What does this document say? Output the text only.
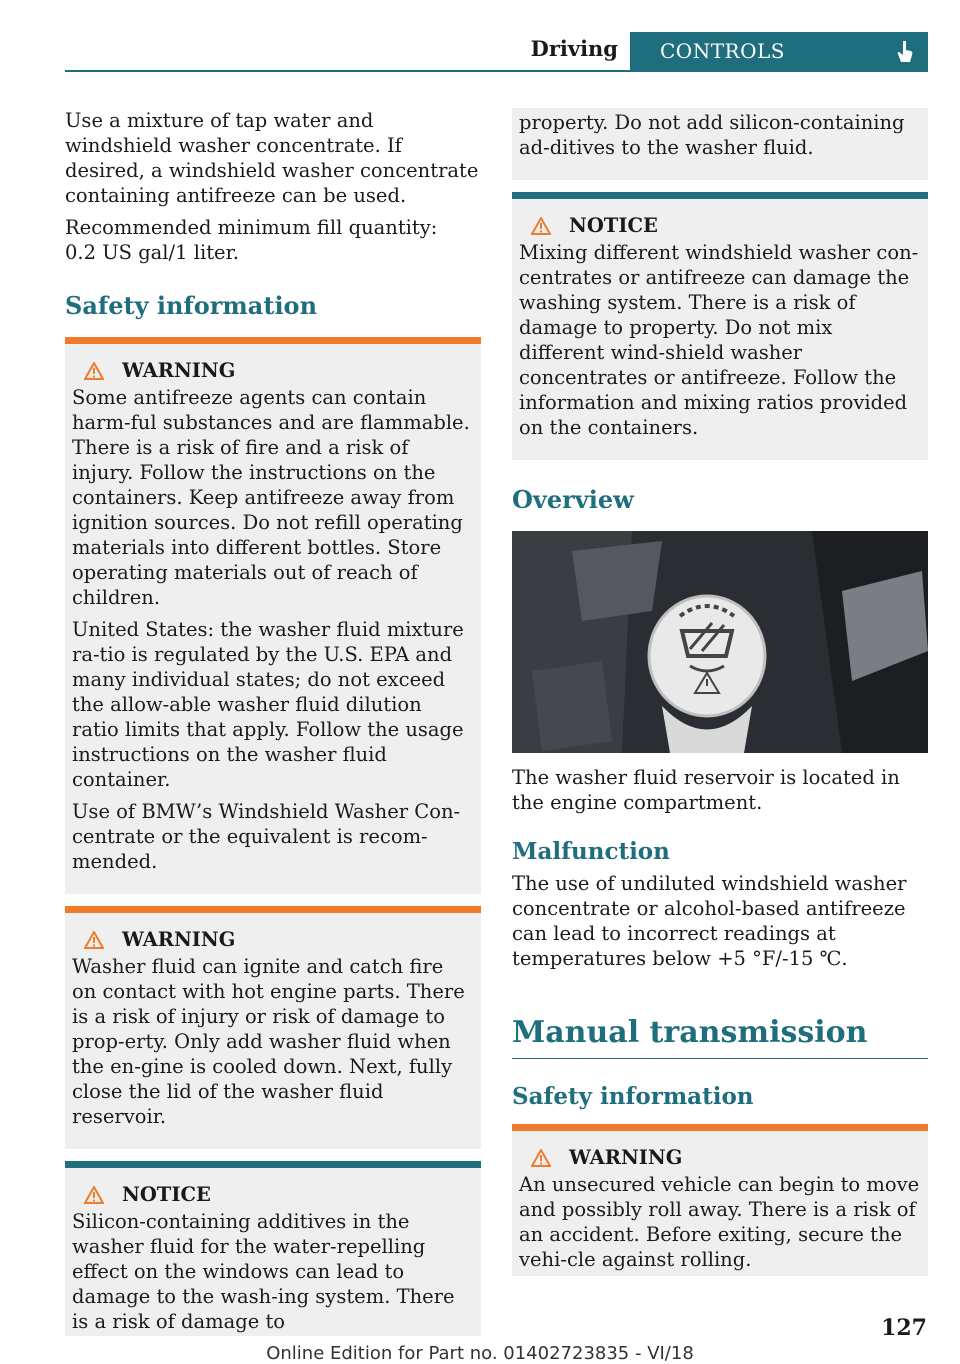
Driving CONTROLS

Use a mixture of tap water and windshield washer concentrate. If desired, a windshield washer concentrate containing antifreeze can be used.

Recommended minimum fill quantity:
0.2 US gal/1 liter.

Safety information
WARNING

Some antifreeze agents can contain harm-ful substances and are flammable. There is a risk of fire and a risk of injury. Follow the instructions on the containers. Keep antifreeze away from ignition sources. Do not refill operating materials into different bottles. Store operating materials out of reach of children.

United States: the washer fluid mixture ra-tio is regulated by the U.S. EPA and many individual states; do not exceed the allow-able washer fluid dilution ratio limits that apply. Follow the usage instructions on the washer fluid container.

Use of BMW’s Windshield Washer Con-centrate or the equivalent is recom-mended.

WARNING

Washer fluid can ignite and catch fire on contact with hot engine parts. There is a risk of injury or risk of damage to prop-erty. Only add washer fluid when the en-gine is cooled down. Next, fully close the lid of the washer fluid reservoir.

NOTICE

Silicon-containing additives in the washer fluid for the water-repelling effect on the windows can lead to damage to the wash-ing system. There is a risk of damage to

property. Do not add silicon-containing ad-ditives to the washer fluid.

NOTICE

Mixing different windshield washer con-centrates or antifreeze can damage the washing system. There is a risk of damage to property. Do not mix different wind-shield washer concentrates or antifreeze. Follow the information and mixing ratios provided on the containers.

Overview

The washer fluid reservoir is located in the engine compartment.

Malfunction

The use of undiluted windshield washer concentrate or alcohol-based antifreeze can lead to incorrect readings at temperatures below +5 °F/-15 ℃.

Manual transmission
Safety information
WARNING

An unsecured vehicle can begin to move and possibly roll away. There is a risk of an accident. Before exiting, secure the vehi-cle against rolling.

127
Online Edition for Part no. 01402723835 - VI/18
